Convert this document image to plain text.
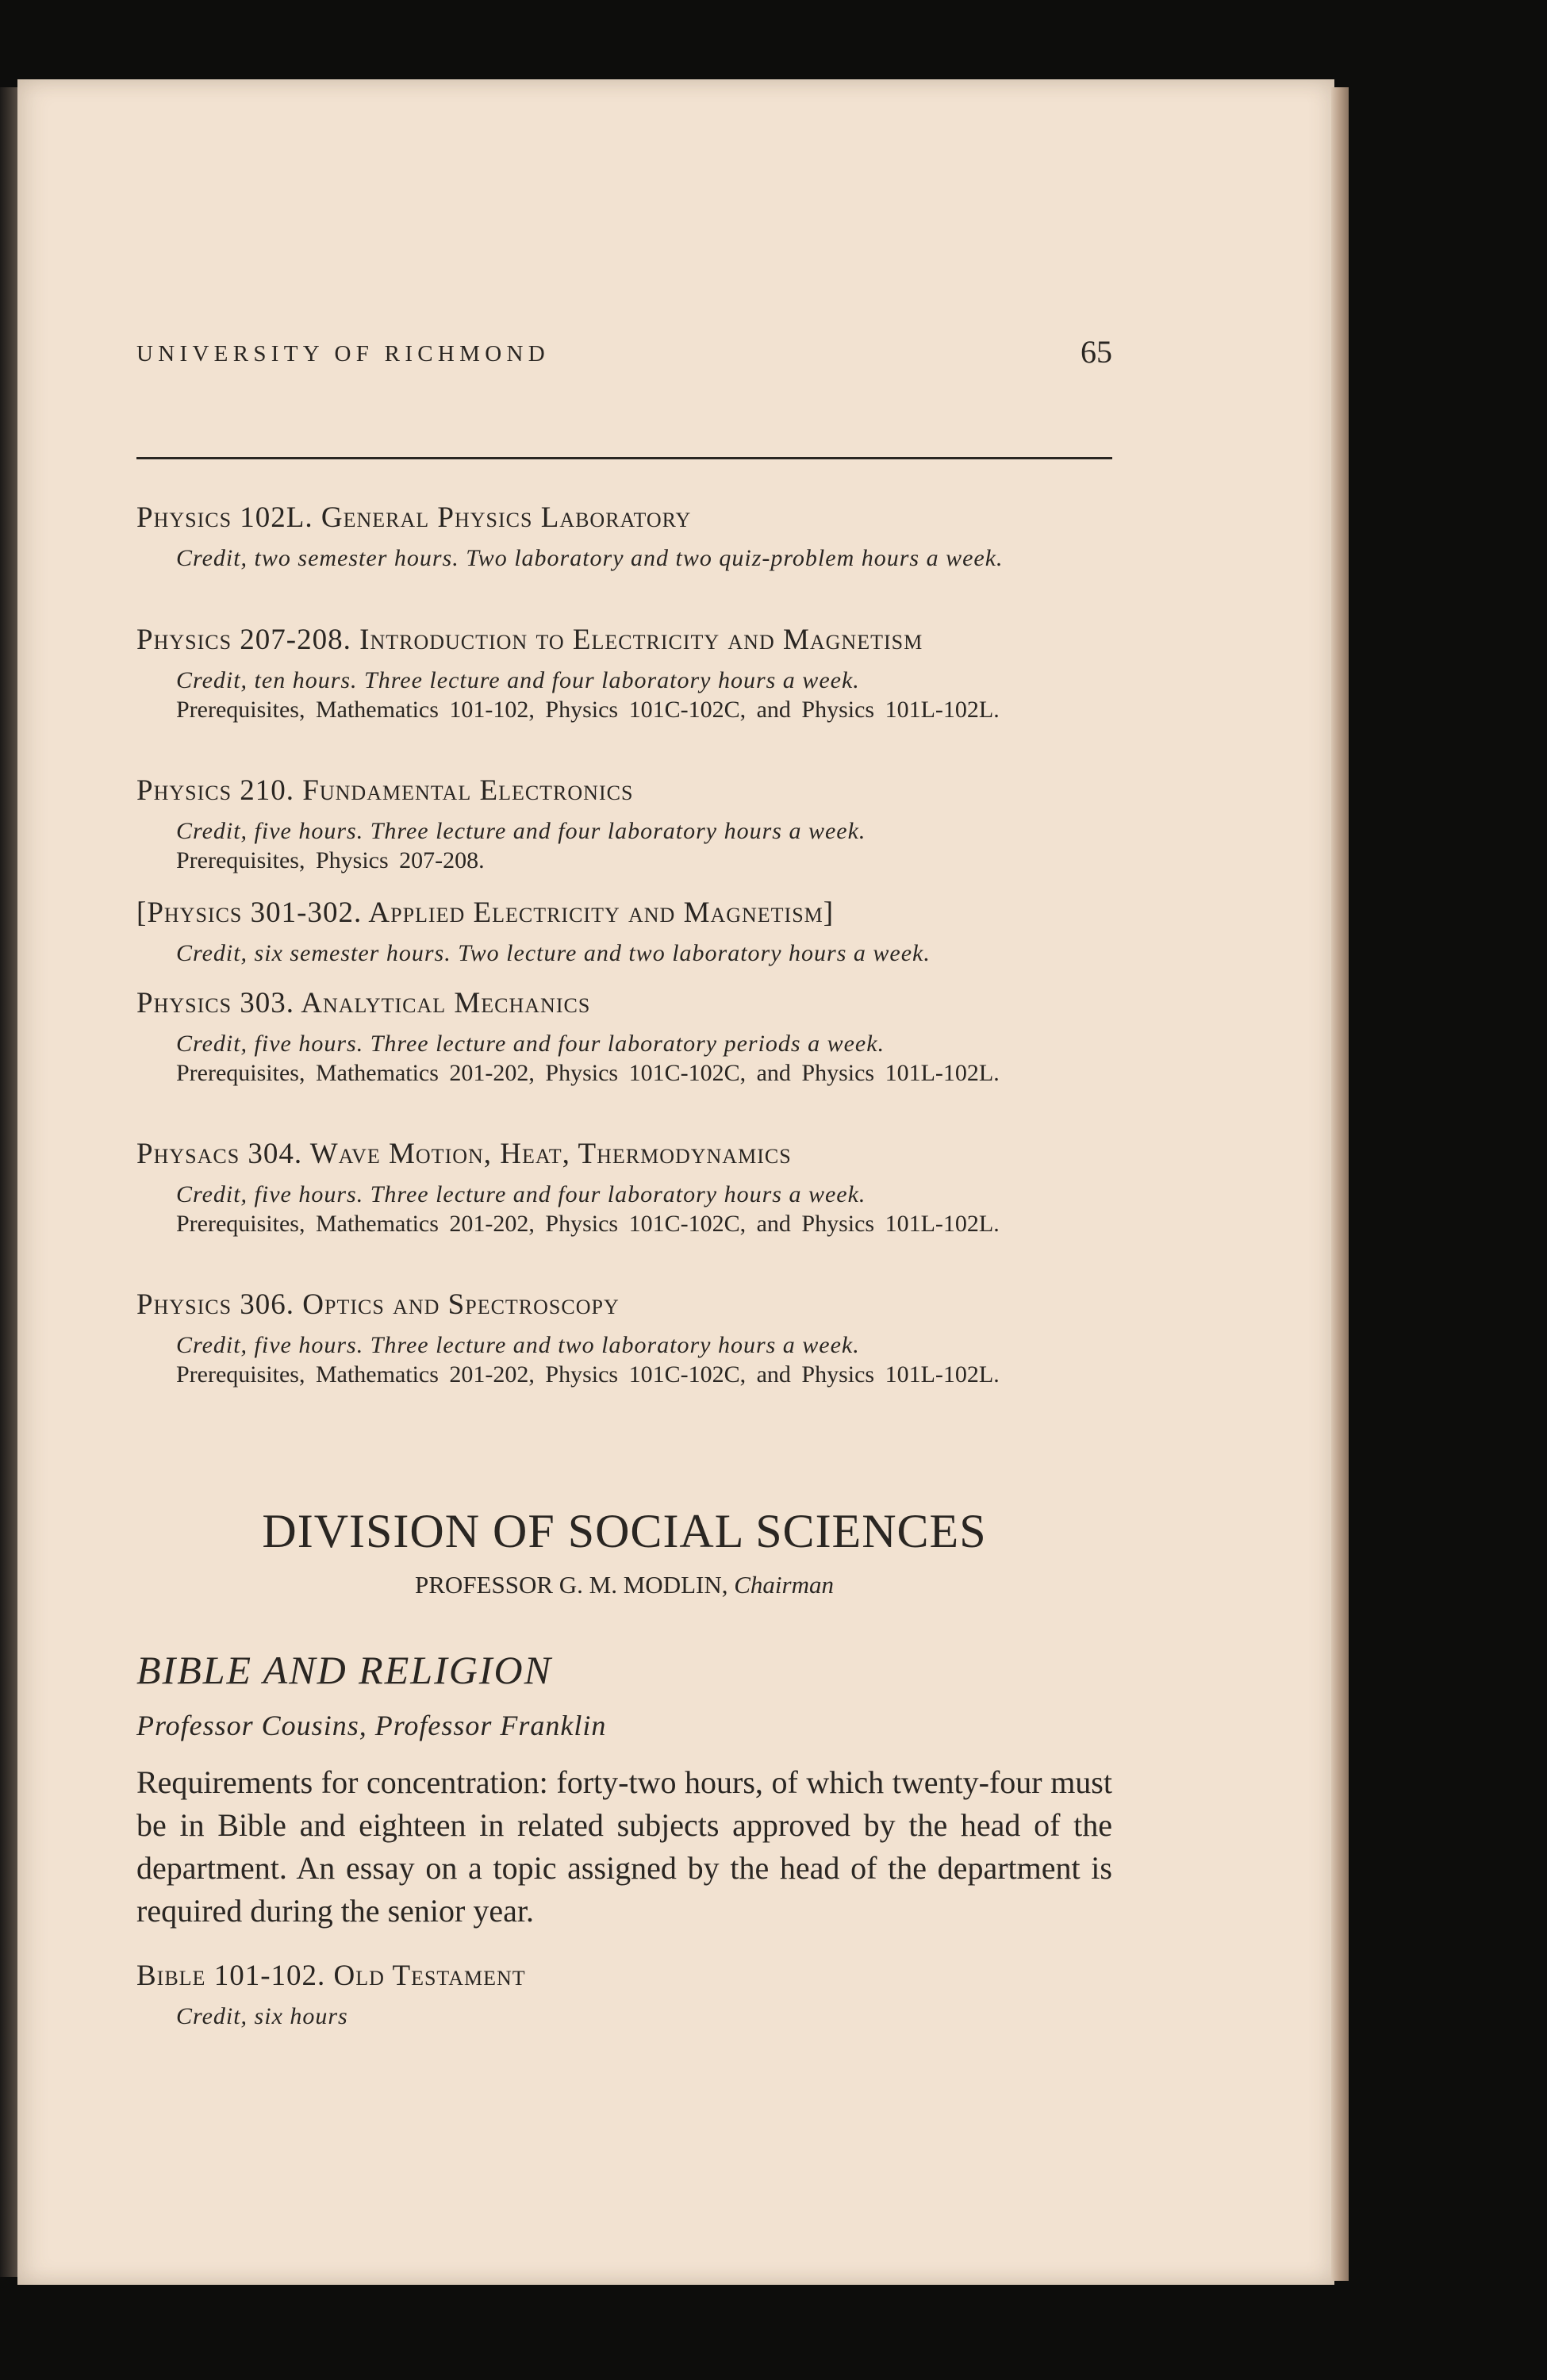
UNIVERSITY OF RICHMOND	65
Physics 102L. General Physics Laboratory
Credit, two semester hours. Two laboratory and two quiz-problem hours a week.
Physics 207-208. Introduction to Electricity and Magnetism
Credit, ten hours. Three lecture and four laboratory hours a week.
Prerequisites, Mathematics 101-102, Physics 101C-102C, and Physics 101L-102L.
Physics 210. Fundamental Electronics
Credit, five hours. Three lecture and four laboratory hours a week.
Prerequisites, Physics 207-208.
[Physics 301-302. Applied Electricity and Magnetism]
Credit, six semester hours. Two lecture and two laboratory hours a week.
Physics 303. Analytical Mechanics
Credit, five hours. Three lecture and four laboratory periods a week.
Prerequisites, Mathematics 201-202, Physics 101C-102C, and Physics 101L-102L.
Physacs 304. Wave Motion, Heat, Thermodynamics
Credit, five hours. Three lecture and four laboratory hours a week.
Prerequisites, Mathematics 201-202, Physics 101C-102C, and Physics 101L-102L.
Physics 306. Optics and Spectroscopy
Credit, five hours. Three lecture and two laboratory hours a week.
Prerequisites, Mathematics 201-202, Physics 101C-102C, and Physics 101L-102L.
DIVISION OF SOCIAL SCIENCES
PROFESSOR G. M. MODLIN, Chairman
BIBLE AND RELIGION
Professor Cousins, Professor Franklin
Requirements for concentration: forty-two hours, of which twenty-four must be in Bible and eighteen in related subjects approved by the head of the department. An essay on a topic assigned by the head of the department is required during the senior year.
Bible 101-102. Old Testament
Credit, six hours
